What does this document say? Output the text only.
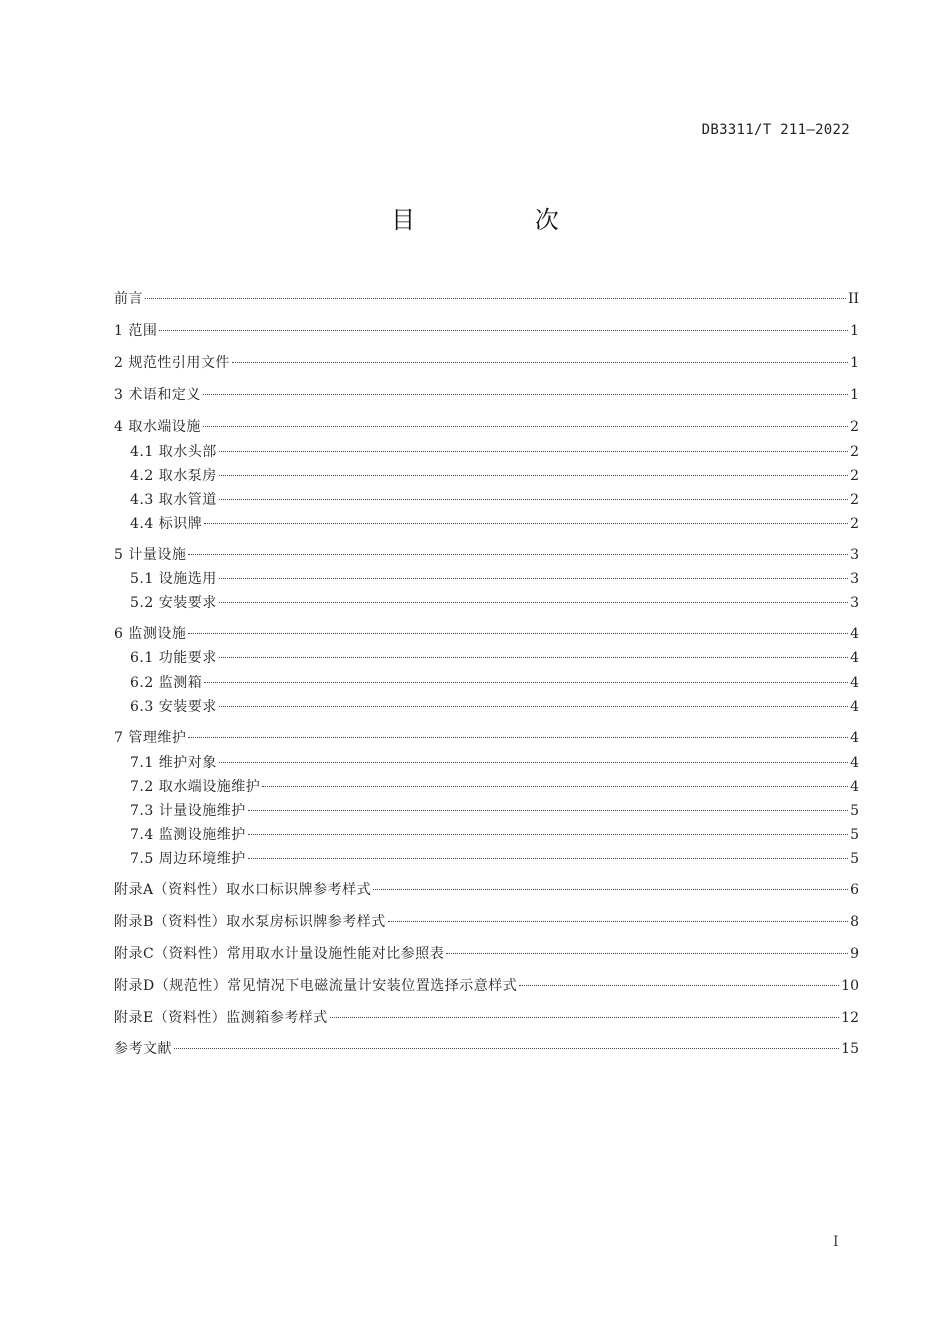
DB3311/T 211—2022
目 次
前言	II
1 范围	1
2 规范性引用文件	1
3 术语和定义	1
4 取水端设施	2
4.1 取水头部	2
4.2 取水泵房	2
4.3 取水管道	2
4.4 标识牌	2
5 计量设施	3
5.1 设施选用	3
5.2 安装要求	3
6 监测设施	4
6.1 功能要求	4
6.2 监测箱	4
6.3 安装要求	4
7 管理维护	4
7.1 维护对象	4
7.2 取水端设施维护	4
7.3 计量设施维护	5
7.4 监测设施维护	5
7.5 周边环境维护	5
附录A（资料性）取水口标识牌参考样式	6
附录B（资料性）取水泵房标识牌参考样式	8
附录C（资料性）常用取水计量设施性能对比参照表	9
附录D（规范性）常见情况下电磁流量计安装位置选择示意样式	10
附录E（资料性）监测箱参考样式	12
参考文献	15
I
